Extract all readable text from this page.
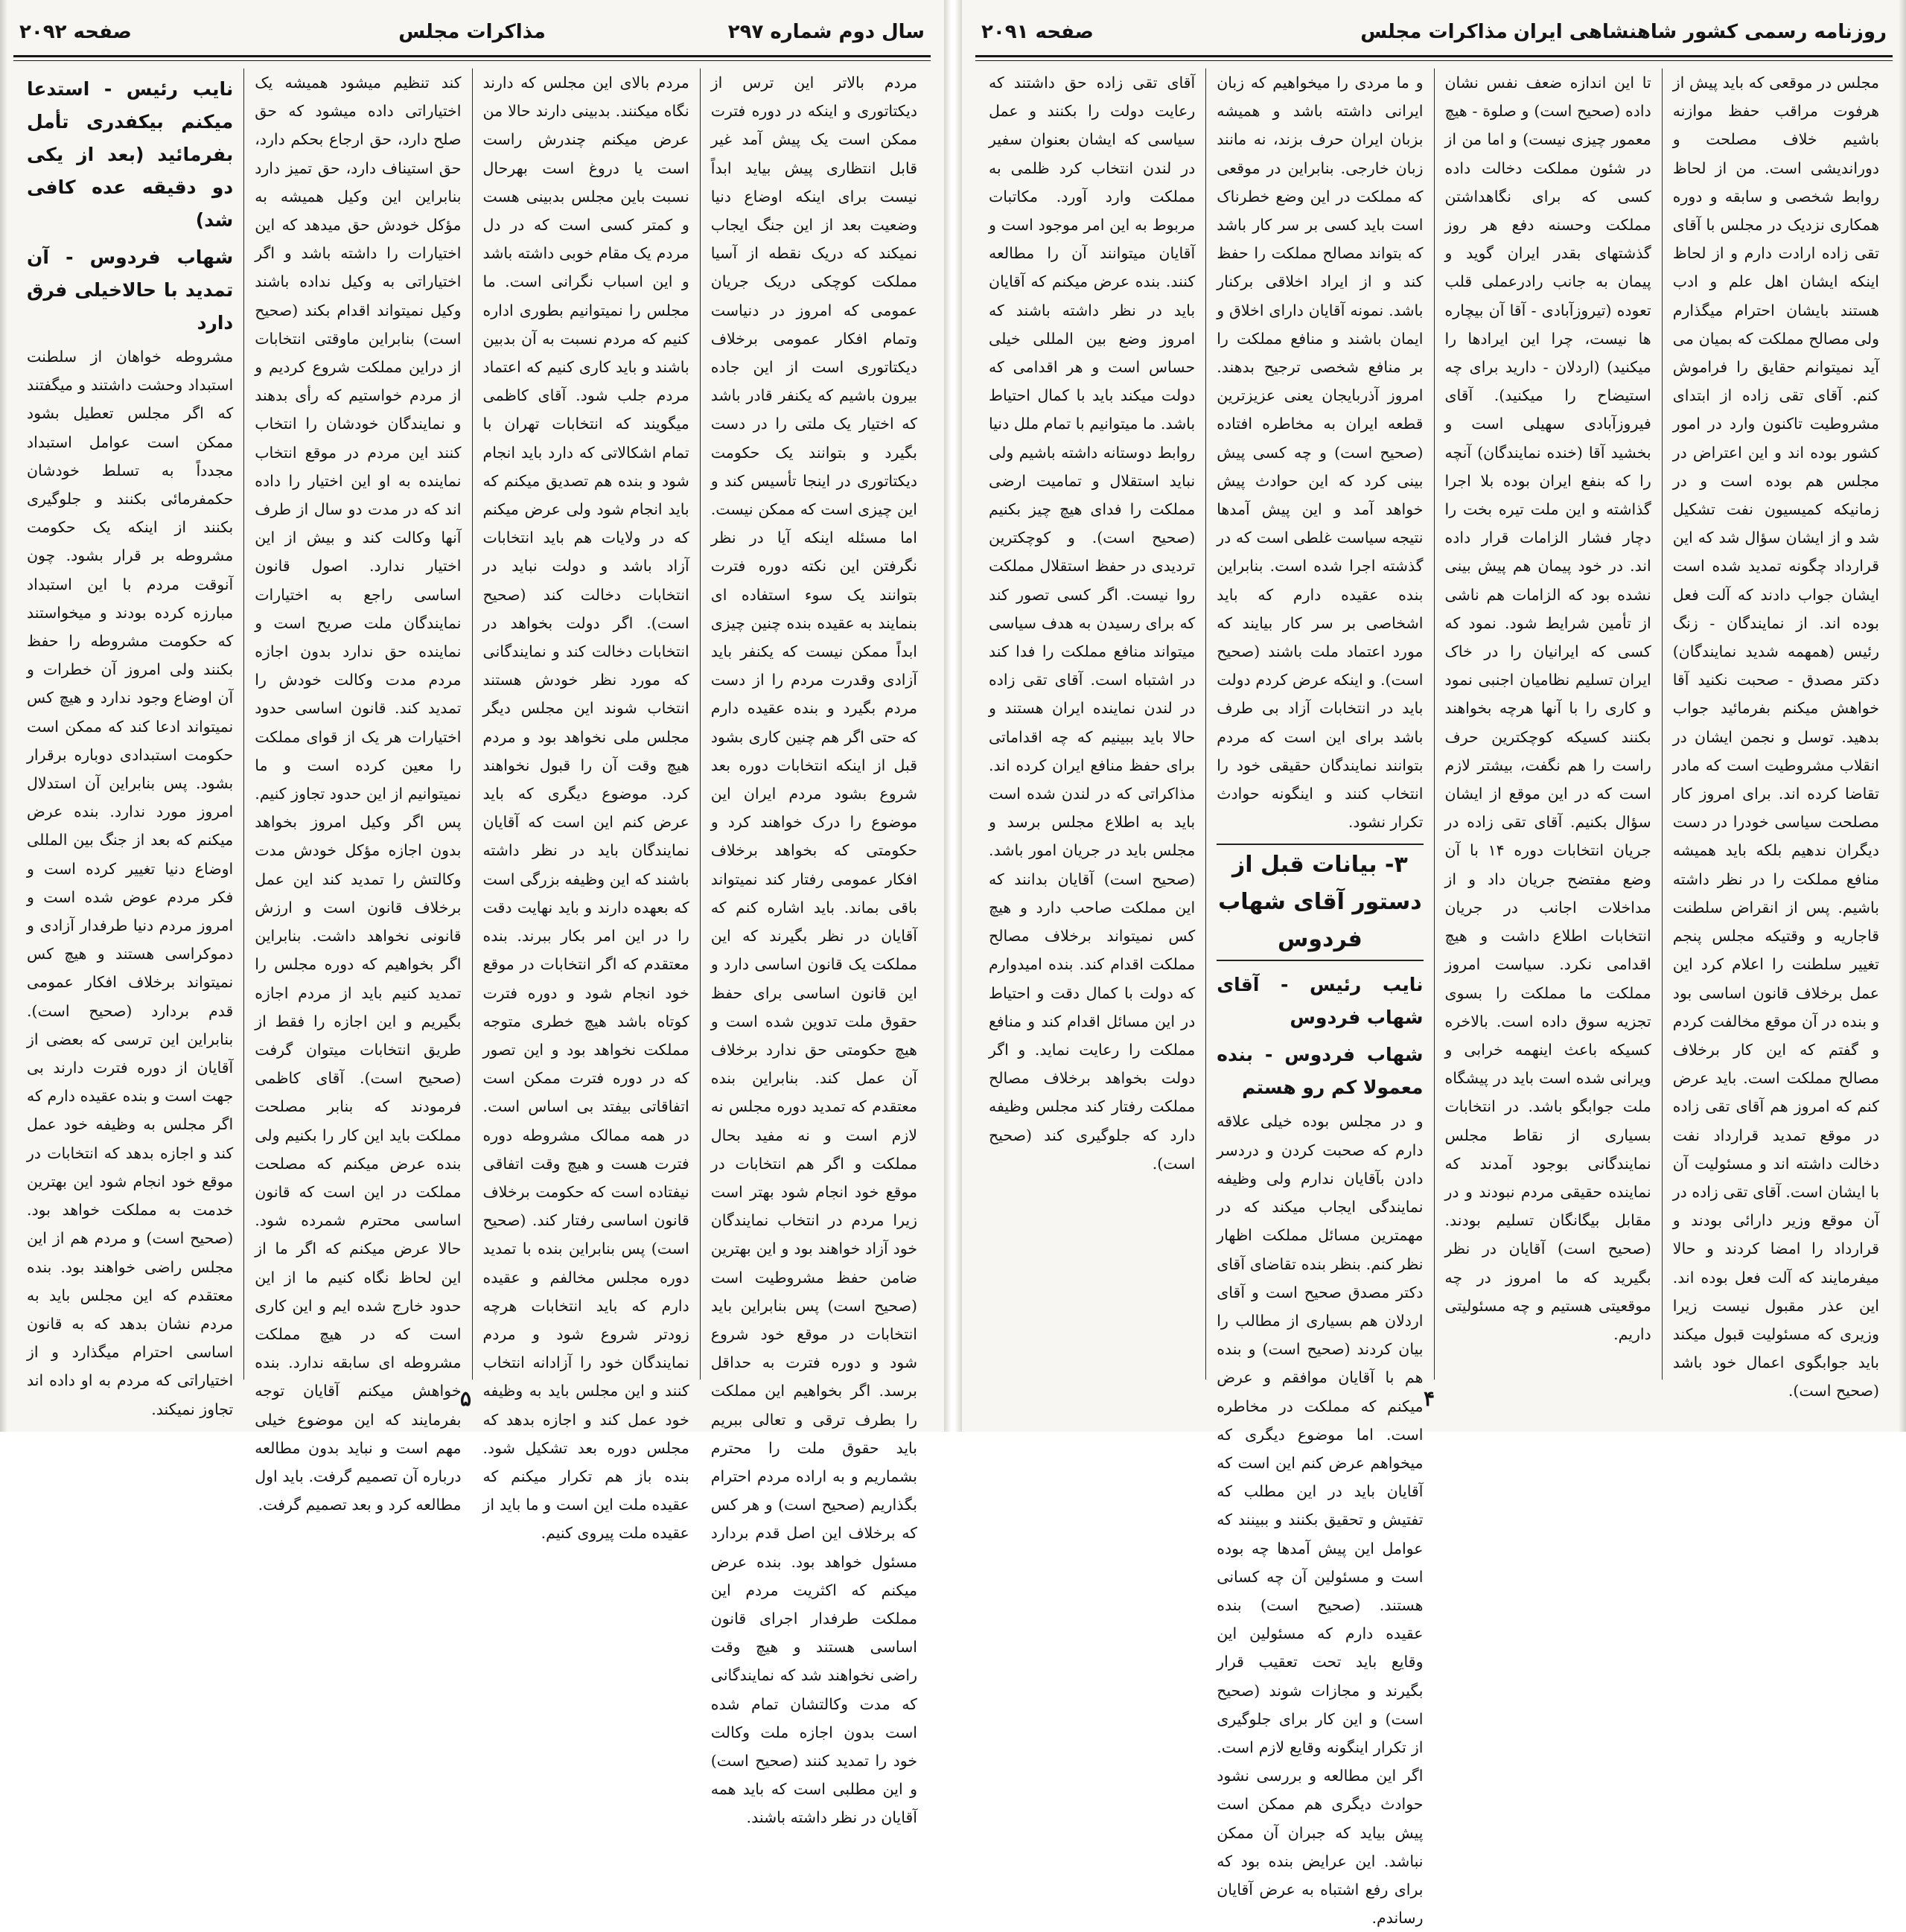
سال دوم شماره ۲۹۷
مذاکرات مجلس
صفحه ۲۰۹۲

مردم بالاتر این ترس از دیکتاتوری و اینکه در دوره فترت ممکن است یک پیش آمد غیر قابل انتظاری پیش بیاید ابداً نیست برای اینکه اوضاع دنیا وضعیت بعد از این جنگ ایجاب نمیکند که دریک نقطه از آسیا مملکت کوچکی دریک جریان عمومی که امروز در دنیاست وتمام افکار عمومی برخلاف دیکتاتوری است از این جاده بیرون باشیم که یکنفر قادر باشد که اختیار یک ملتی را در دست بگیرد و بتوانند یک حکومت دیکتاتوری در اینجا تأسیس کند و این چیزی است که ممکن نیست. اما مسئله اینکه آیا در نظر نگرفتن این نکته دوره فترت بتوانند یک سوء استفاده ای بنمایند به عقیده بنده چنین چیزی ابداً ممکن نیست که یکنفر باید آزادی وقدرت مردم را از دست مردم بگیرد و بنده عقیده دارم که حتی اگر هم چنین کاری بشود قبل از اینکه انتخابات دوره بعد شروع بشود مردم ایران این موضوع را درک خواهند کرد و حکومتی که بخواهد برخلاف افکار عمومی رفتار کند نمیتواند باقی بماند. باید اشاره کنم که آقایان در نظر بگیرند که این مملکت یک قانون اساسی دارد و این قانون اساسی برای حفظ حقوق ملت تدوین شده است و هیچ حکومتی حق ندارد برخلاف آن عمل کند. بنابراین بنده معتقدم که تمدید دوره مجلس نه لازم است و نه مفید بحال مملکت و اگر هم انتخابات در موقع خود انجام شود بهتر است زیرا مردم در انتخاب نمایندگان خود آزاد خواهند بود و این بهترین ضامن حفظ مشروطیت است (صحیح است) پس بنابراین باید انتخابات در موقع خود شروع شود و دوره فترت به حداقل برسد. اگر بخواهیم این مملکت را بطرف ترقی و تعالی ببریم باید حقوق ملت را محترم بشماریم و به اراده مردم احترام بگذاریم (صحیح است) و هر کس که برخلاف این اصل قدم بردارد مسئول خواهد بود. بنده عرض میکنم که اکثریت مردم این مملکت طرفدار اجرای قانون اساسی هستند و هیچ وقت راضی نخواهند شد که نمایندگانی که مدت وکالتشان تمام شده است بدون اجازه ملت وکالت خود را تمدید کنند (صحیح است) و این مطلبی است که باید همه آقایان در نظر داشته باشند.

مردم بالای این مجلس که دارند نگاه میکنند. بدبینی دارند حالا من عرض میکنم چندرش راست است یا دروغ است بهرحال نسبت باین مجلس بدبینی هست و کمتر کسی است که در دل مردم یک مقام خوبی داشته باشد و این اسباب نگرانی است. ما مجلس را نمیتوانیم بطوری اداره کنیم که مردم نسبت به آن بدبین باشند و باید کاری کنیم که اعتماد مردم جلب شود. آقای کاظمی میگویند که انتخابات تهران با تمام اشکالاتی که دارد باید انجام شود و بنده هم تصدیق میکنم که باید انجام شود ولی عرض میکنم که در ولایات هم باید انتخابات آزاد باشد و دولت نباید در انتخابات دخالت کند (صحیح است). اگر دولت بخواهد در انتخابات دخالت کند و نمایندگانی که مورد نظر خودش هستند انتخاب شوند این مجلس دیگر مجلس ملی نخواهد بود و مردم هیچ وقت آن را قبول نخواهند کرد. موضوع دیگری که باید عرض کنم این است که آقایان نمایندگان باید در نظر داشته باشند که این وظیفه بزرگی است که بعهده دارند و باید نهایت دقت را در این امر بکار ببرند. بنده معتقدم که اگر انتخابات در موقع خود انجام شود و دوره فترت کوتاه باشد هیچ خطری متوجه مملکت نخواهد بود و این تصور که در دوره فترت ممکن است اتفاقاتی بیفتد بی اساس است. در همه ممالک مشروطه دوره فترت هست و هیچ وقت اتفاقی نیفتاده است که حکومت برخلاف قانون اساسی رفتار کند. (صحیح است) پس بنابراین بنده با تمدید دوره مجلس مخالفم و عقیده دارم که باید انتخابات هرچه زودتر شروع شود و مردم نمایندگان خود را آزادانه انتخاب کنند و این مجلس باید به وظیفه خود عمل کند و اجازه بدهد که مجلس دوره بعد تشکیل شود. بنده باز هم تکرار میکنم که عقیده ملت این است و ما باید از عقیده ملت پیروی کنیم.

کند تنظیم میشود همیشه یک اختیاراتی داده میشود که حق صلح دارد، حق ارجاع بحکم دارد، حق استیناف دارد، حق تمیز دارد بنابراین این وکیل همیشه به مؤکل خودش حق میدهد که این اختیارات را داشته باشد و اگر اختیاراتی به وکیل نداده باشند وکیل نمیتواند اقدام بکند (صحیح است) بنابراین ماوقتی انتخابات از دراین مملکت شروع کردیم و از مردم خواستیم که رأی بدهند و نمایندگان خودشان را انتخاب کنند این مردم در موقع انتخاب نماینده به او این اختیار را داده اند که در مدت دو سال از طرف آنها وکالت کند و بیش از این اختیار ندارد. اصول قانون اساسی راجع به اختیارات نمایندگان ملت صریح است و نماینده حق ندارد بدون اجازه مردم مدت وکالت خودش را تمدید کند. قانون اساسی حدود اختیارات هر یک از قوای مملکت را معین کرده است و ما نمیتوانیم از این حدود تجاوز کنیم. پس اگر وکیل امروز بخواهد بدون اجازه مؤکل خودش مدت وکالتش را تمدید کند این عمل برخلاف قانون است و ارزش قانونی نخواهد داشت. بنابراین اگر بخواهیم که دوره مجلس را تمدید کنیم باید از مردم اجازه بگیریم و این اجازه را فقط از طریق انتخابات میتوان گرفت (صحیح است). آقای کاظمی فرمودند که بنابر مصلحت مملکت باید این کار را بکنیم ولی بنده عرض میکنم که مصلحت مملکت در این است که قانون اساسی محترم شمرده شود. حالا عرض میکنم که اگر ما از این لحاظ نگاه کنیم ما از این حدود خارج شده ایم و این کاری است که در هیچ مملکت مشروطه ای سابقه ندارد. بنده خواهش میکنم آقایان توجه بفرمایند که این موضوع خیلی مهم است و نباید بدون مطالعه درباره آن تصمیم گرفت. باید اول مطالعه کرد و بعد تصمیم گرفت.

نایب رئیس - استدعا میکنم بیکفدری تأمل بفرمائید (بعد از یکی دو دقیقه عده کافی شد)
شهاب فردوس - آن تمدید با حالاخیلی فرق دارد

مشروطه خواهان از سلطنت استبداد وحشت داشتند و میگفتند که اگر مجلس تعطیل بشود ممکن است عوامل استبداد مجدداً به تسلط خودشان حکمفرمائی بکنند و جلوگیری بکنند از اینکه یک حکومت مشروطه بر قرار بشود. چون آنوقت مردم با این استبداد مبارزه کرده بودند و میخواستند که حکومت مشروطه را حفظ بکنند ولی امروز آن خطرات و آن اوضاع وجود ندارد و هیچ کس نمیتواند ادعا کند که ممکن است حکومت استبدادی دوباره برقرار بشود. پس بنابراین آن استدلال امروز مورد ندارد. بنده عرض میکنم که بعد از جنگ بین المللی اوضاع دنیا تغییر کرده است و فکر مردم عوض شده است و امروز مردم دنیا طرفدار آزادی و دموکراسی هستند و هیچ کس نمیتواند برخلاف افکار عمومی قدم بردارد (صحیح است). بنابراین این ترسی که بعضی از آقایان از دوره فترت دارند بی جهت است و بنده عقیده دارم که اگر مجلس به وظیفه خود عمل کند و اجازه بدهد که انتخابات در موقع خود انجام شود این بهترین خدمت به مملکت خواهد بود. (صحیح است) و مردم هم از این مجلس راضی خواهند بود. بنده معتقدم که این مجلس باید به مردم نشان بدهد که به قانون اساسی احترام میگذارد و از اختیاراتی که مردم به او داده اند تجاوز نمیکند.	۵
روزنامه رسمی کشور شاهنشاهی ایران
مذاکرات مجلس
صفحه ۲۰۹۱

مجلس در موقعی که باید پیش از هرفوت مراقب حفظ موازنه باشیم خلاف مصلحت و دوراندیشی است. من از لحاظ روابط شخصی و سابقه و دوره همکاری نزدیک در مجلس با آقای تقی زاده ارادت دارم و از لحاظ اینکه ایشان اهل علم و ادب هستند بایشان احترام میگذارم ولی مصالح مملکت که بمیان می آید نمیتوانم حقایق را فراموش کنم. آقای تقی زاده از ابتدای مشروطیت تاکنون وارد در امور کشور بوده اند و این اعتراض در مجلس هم بوده است و در زمانیکه کمیسیون نفت تشکیل شد و از ایشان سؤال شد که این قرارداد چگونه تمدید شده است ایشان جواب دادند که آلت فعل بوده اند. از نمایندگان - زنگ رئیس (همهمه شدید نمایندگان) دکتر مصدق - صحبت نکنید آقا خواهش میکنم بفرمائید جواب بدهید. توسل و نجمن ایشان در انقلاب مشروطیت است که مادر تقاضا کرده اند. برای امروز کار مصلحت سیاسی خودرا در دست دیگران ندهیم بلکه باید همیشه منافع مملکت را در نظر داشته باشیم. پس از انقراض سلطنت قاجاریه و وقتیکه مجلس پنجم تغییر سلطنت را اعلام کرد این عمل برخلاف قانون اساسی بود و بنده در آن موقع مخالفت کردم و گفتم که این کار برخلاف مصالح مملکت است. باید عرض کنم که امروز هم آقای تقی زاده در موقع تمدید قرارداد نفت دخالت داشته اند و مسئولیت آن با ایشان است. آقای تقی زاده در آن موقع وزیر دارائی بودند و قرارداد را امضا کردند و حالا میفرمایند که آلت فعل بوده اند. این عذر مقبول نیست زیرا وزیری که مسئولیت قبول میکند باید جوابگوی اعمال خود باشد (صحیح است).

تا این اندازه ضعف نفس نشان داده (صحیح است) و صلوة - هیچ معمور چیزی نیست) و اما من از در شئون مملکت دخالت داده کسی که برای نگاهداشتن مملکت وحسنه دفع هر روز گذشتهای بقدر ایران گوید و پیمان به جانب رادرعملی قلب تعوده (تیروزآبادی - آقا آن بیچاره ها نیست، چرا این ایرادها را میکنید) (اردلان - دارید برای چه استیضاح را میکنید). آقای فیروزآبادی سهیلی است و بخشید آقا (خنده نمایندگان) آنچه را که بنفع ایران بوده بلا اجرا گذاشته و این ملت تیره بخت را دچار فشار الزامات قرار داده اند. در خود پیمان هم پیش بینی نشده بود که الزامات هم ناشی از تأمین شرایط شود. نمود که کسی که ایرانیان را در خاک ایران تسلیم نظامیان اجنبی نمود و کاری را با آنها هرچه بخواهند بکنند کسیکه کوچکترین حرف راست را هم نگفت، بیشتر لازم است که در این موقع از ایشان سؤال بکنیم. آقای تقی زاده در جریان انتخابات دوره ۱۴ با آن وضع مفتضح جریان داد و از مداخلات اجانب در جریان انتخابات اطلاع داشت و هیچ اقدامی نکرد. سیاست امروز مملکت ما مملکت را بسوی تجزیه سوق داده است. بالاخره کسیکه باعث اینهمه خرابی و ویرانی شده است باید در پیشگاه ملت جوابگو باشد. در انتخابات بسیاری از نقاط مجلس نمایندگانی بوجود آمدند که نماینده حقیقی مردم نبودند و در مقابل بیگانگان تسلیم بودند. (صحیح است) آقایان در نظر بگیرید که ما امروز در چه موقعیتی هستیم و چه مسئولیتی داریم.

و ما مردی را میخواهیم که زبان ایرانی داشته باشد و همیشه بزبان ایران حرف بزند، نه مانند زبان خارجی. بنابراین در موقعی که مملکت در این وضع خطرناک است باید کسی بر سر کار باشد که بتواند مصالح مملکت را حفظ کند و از ایراد اخلاقی برکنار باشد. نمونه آقایان دارای اخلاق و ایمان باشند و منافع مملکت را بر منافع شخصی ترجیح بدهند. امروز آذربایجان یعنی عزیزترین قطعه ایران به مخاطره افتاده (صحیح است) و چه کسی پیش بینی کرد که این حوادث پیش خواهد آمد و این پیش آمدها نتیجه سیاست غلطی است که در گذشته اجرا شده است. بنابراین بنده عقیده دارم که باید اشخاصی بر سر کار بیایند که مورد اعتماد ملت باشند (صحیح است). و اینکه عرض کردم دولت باید در انتخابات آزاد بی طرف باشد برای این است که مردم بتوانند نمایندگان حقیقی خود را انتخاب کنند و اینگونه حوادث تکرار نشود.

۳- بیانات قبل از دستور آقای شهاب فردوس
نایب رئیس - آقای شهاب فردوس
شهاب فردوس - بنده معمولا کم رو هستم

و در مجلس بوده خیلی علاقه دارم که صحبت کردن و دردسر دادن بآقایان ندارم ولی وظیفه نمایندگی ایجاب میکند که در مهمترین مسائل مملکت اظهار نظر کنم. بنظر بنده تقاضای آقای دکتر مصدق صحیح است و آقای اردلان هم بسیاری از مطالب را بیان کردند (صحیح است) و بنده هم با آقایان موافقم و عرض میکنم که مملکت در مخاطره است. اما موضوع دیگری که میخواهم عرض کنم این است که آقایان باید در این مطلب که تفتیش و تحقیق بکنند و ببینند که عوامل این پیش آمدها چه بوده است و مسئولین آن چه کسانی هستند. (صحیح است) بنده عقیده دارم که مسئولین این وقایع باید تحت تعقیب قرار بگیرند و مجازات شوند (صحیح است) و این کار برای جلوگیری از تکرار اینگونه وقایع لازم است. اگر این مطالعه و بررسی نشود حوادث دیگری هم ممکن است پیش بیاید که جبران آن ممکن نباشد. این عرایض بنده بود که برای رفع اشتباه به عرض آقایان رساندم.

آقای تقی زاده حق داشتند که رعایت دولت را بکنند و عمل سیاسی که ایشان بعنوان سفیر در لندن انتخاب کرد ظلمی به مملکت وارد آورد. مکاتبات مربوط به این امر موجود است و آقایان میتوانند آن را مطالعه کنند. بنده عرض میکنم که آقایان باید در نظر داشته باشند که امروز وضع بین المللی خیلی حساس است و هر اقدامی که دولت میکند باید با کمال احتیاط باشد. ما میتوانیم با تمام ملل دنیا روابط دوستانه داشته باشیم ولی نباید استقلال و تمامیت ارضی مملکت را فدای هیچ چیز بکنیم (صحیح است). و کوچکترین تردیدی در حفظ استقلال مملکت روا نیست. اگر کسی تصور کند که برای رسیدن به هدف سیاسی میتواند منافع مملکت را فدا کند در اشتباه است. آقای تقی زاده در لندن نماینده ایران هستند و حالا باید ببینیم که چه اقداماتی برای حفظ منافع ایران کرده اند. مذاکراتی که در لندن شده است باید به اطلاع مجلس برسد و مجلس باید در جریان امور باشد. (صحیح است) آقایان بدانند که این مملکت صاحب دارد و هیچ کس نمیتواند برخلاف مصالح مملکت اقدام کند. بنده امیدوارم که دولت با کمال دقت و احتیاط در این مسائل اقدام کند و منافع مملکت را رعایت نماید. و اگر دولت بخواهد برخلاف مصالح مملکت رفتار کند مجلس وظیفه دارد که جلوگیری کند (صحیح است).

۴
